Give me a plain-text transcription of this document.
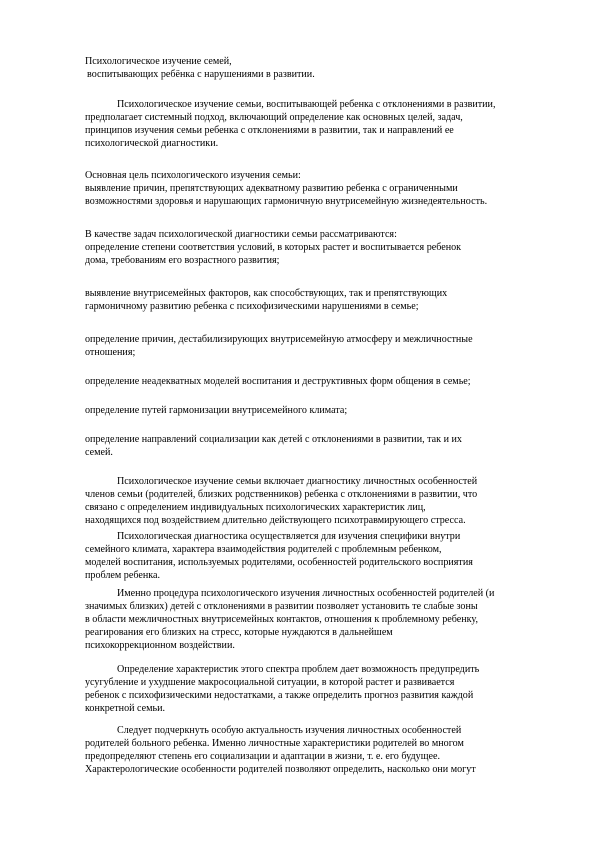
Психологическое изучение семей,
воспитывающих ребёнка с нарушениями в развитии.

Психологическое изучение семьи, воспитывающей ребенка с отклонениями в развитии,
предполагает системный подход, включающий определение как основных целей, задач,
принципов изучения семьи ребенка с отклонениями в развитии, так и направлений ее
психологической диагностики.

Основная цель психологического изучения семьи:
выявление причин, препятствующих адекватному развитию ребенка с ограниченными
возможностями здоровья и нарушающих гармоничную внутрисемейную жизнедеятельность.

В качестве задач психологической диагностики семьи рассматриваются:
определение степени соответствия условий, в которых растет и воспитывается ребенок
дома, требованиям его возрастного развития;

выявление внутрисемейных факторов, как способствующих, так и препятствующих
гармоничному развитию ребенка с психофизическими нарушениями в семье;

определение причин, дестабилизирующих внутрисемейную атмосферу и межличностные
отношения;

определение неадекватных моделей воспитания и деструктивных форм общения в семье;

определение путей гармонизации внутрисемейного климата;

определение направлений социализации как детей с отклонениями в развитии, так и их
семей.

Психологическое изучение семьи включает диагностику личностных особенностей
членов семьи (родителей, близких родственников) ребенка с отклонениями в развитии, что
связано с определением индивидуальных психологических характеристик лиц,
находящихся под воздействием длительно действующего психотравмирующего стресса.

Психологическая диагностика осуществляется для изучения специфики внутри
семейного климата, характера взаимодействия родителей с проблемным ребенком,
моделей воспитания, используемых родителями, особенностей родительского восприятия
проблем ребенка.

Именно процедура психологического изучения личностных особенностей родителей (и
значимых близких) детей с отклонениями в развитии позволяет установить те слабые зоны
в области межличностных внутрисемейных контактов, отношения к проблемному ребенку,
реагирования его близких на стресс, которые нуждаются в дальнейшем
психокоррекционном воздействии.

Определение характеристик этого спектра проблем дает возможность предупредить
усугубление и ухудшение макросоциальной ситуации, в которой растет и развивается
ребенок с психофизическими недостатками, а также определить прогноз развития каждой
конкретной семьи.

Следует подчеркнуть особую актуальность изучения личностных особенностей
родителей больного ребенка. Именно личностные характеристики родителей во многом
предопределяют степень его социализации и адаптации в жизни, т. е. его будущее.
Характерологические особенности родителей позволяют определить, насколько они могут
